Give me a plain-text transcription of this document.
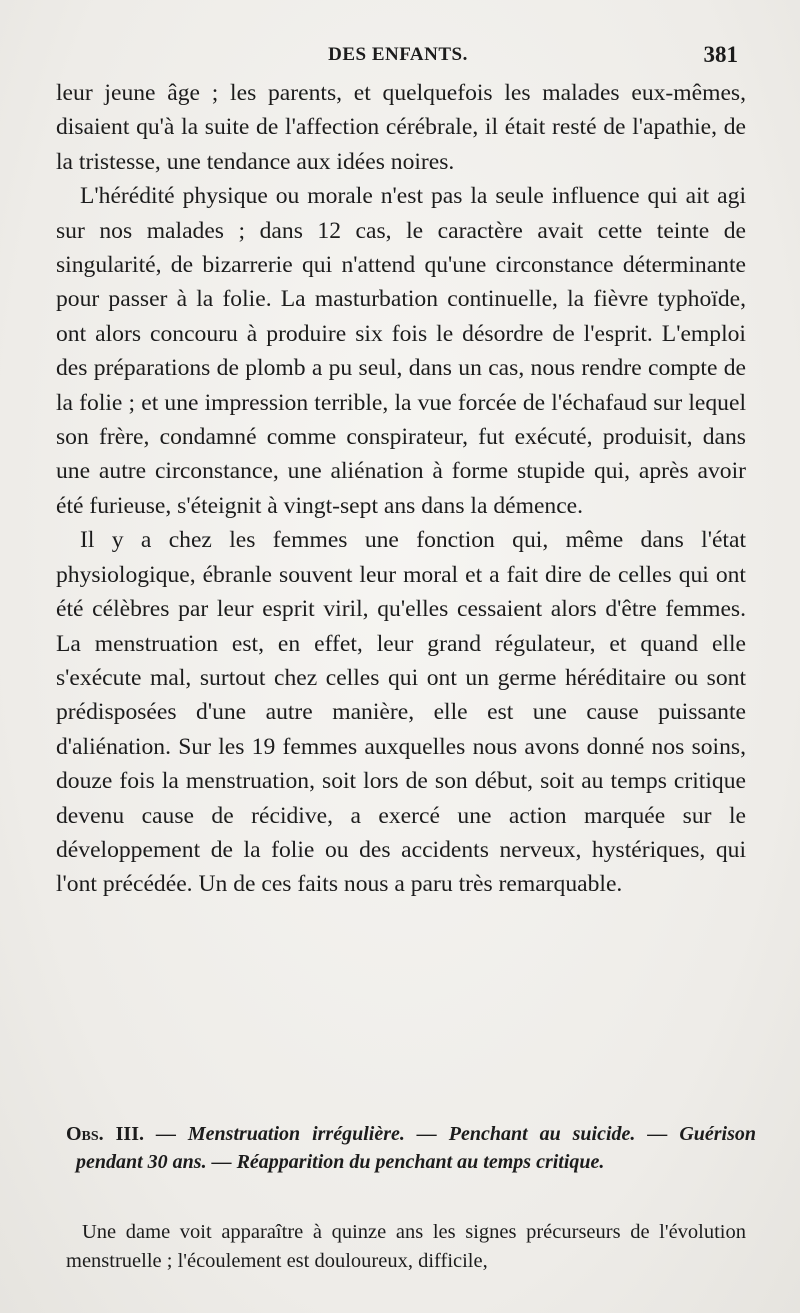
DES ENFANTS.	381

leur jeune âge ; les parents, et quelquefois les malades eux-mêmes, disaient qu'à la suite de l'affection cérébrale, il était resté de l'apathie, de la tristesse, une tendance aux idées noires.

L'hérédité physique ou morale n'est pas la seule influence qui ait agi sur nos malades ; dans 12 cas, le caractère avait cette teinte de singularité, de bizarrerie qui n'attend qu'une circonstance déterminante pour passer à la folie. La masturbation continuelle, la fièvre typhoïde, ont alors concouru à produire six fois le désordre de l'esprit. L'emploi des préparations de plomb a pu seul, dans un cas, nous rendre compte de la folie ; et une impression terrible, la vue forcée de l'échafaud sur lequel son frère, condamné comme conspirateur, fut exécuté, produisit, dans une autre circonstance, une aliénation à forme stupide qui, après avoir été furieuse, s'éteignit à vingt-sept ans dans la démence.

Il y a chez les femmes une fonction qui, même dans l'état physiologique, ébranle souvent leur moral et a fait dire de celles qui ont été célèbres par leur esprit viril, qu'elles cessaient alors d'être femmes. La menstruation est, en effet, leur grand régulateur, et quand elle s'exécute mal, surtout chez celles qui ont un germe héréditaire ou sont prédisposées d'une autre manière, elle est une cause puissante d'aliénation. Sur les 19 femmes auxquelles nous avons donné nos soins, douze fois la menstruation, soit lors de son début, soit au temps critique devenu cause de récidive, a exercé une action marquée sur le développement de la folie ou des accidents nerveux, hystériques, qui l'ont précédée. Un de ces faits nous a paru très remarquable.

Obs. III. — Menstruation irrégulière. — Penchant au suicide. — Guérison pendant 30 ans. — Réapparition du penchant au temps critique.
Une dame voit apparaître à quinze ans les signes précurseurs de l'évolution menstruelle ; l'écoulement est douloureux, difficile,
